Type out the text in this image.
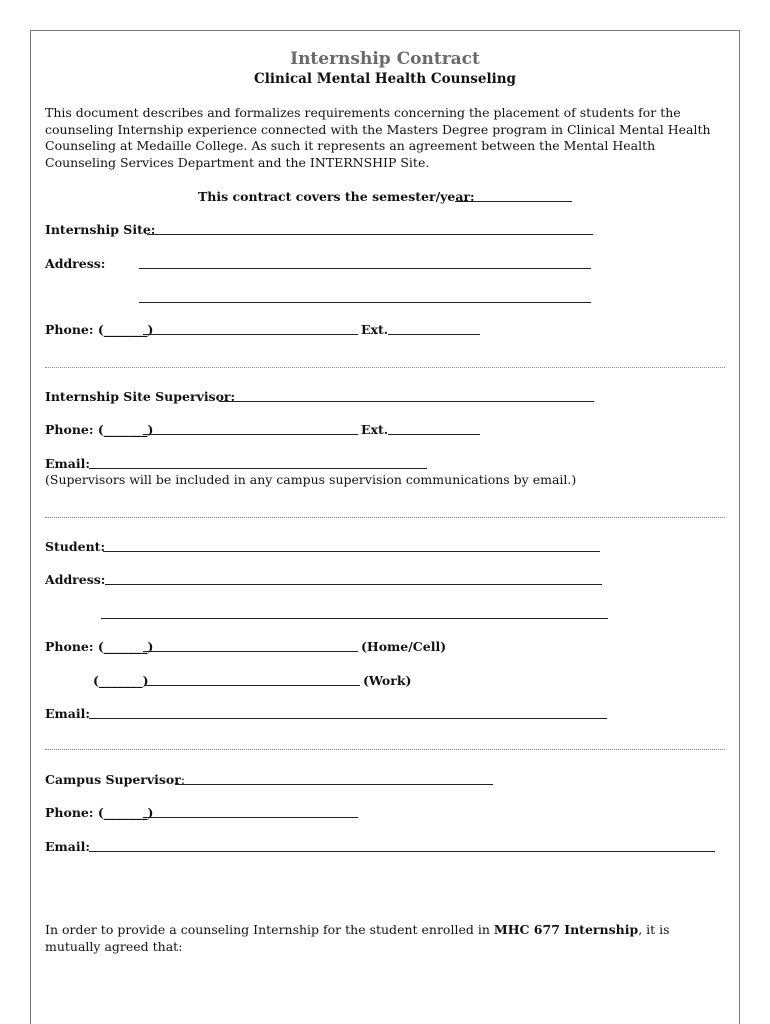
Internship Contract
Clinical Mental Health Counseling
This document describes and formalizes requirements concerning the placement of students for the counseling Internship experience connected with the Masters Degree program in Clinical Mental Health Counseling at Medaille College. As such it represents an agreement between the Mental Health Counseling Services Department and the INTERNSHIP Site.
This contract covers the semester/year:
Internship Site:
Address:
Phone: (_______)	Ext.
Internship Site Supervisor:
Phone: (_______)	Ext.
Email:
(Supervisors will be included in any campus supervision communications by email.)
Student:
Address:
Phone: (_______)	(Home/Cell)
(_______)	(Work)
Email:
Campus Supervisor:
Phone: (_______)
Email:
In order to provide a counseling Internship for the student enrolled in MHC 677 Internship, it is mutually agreed that:
